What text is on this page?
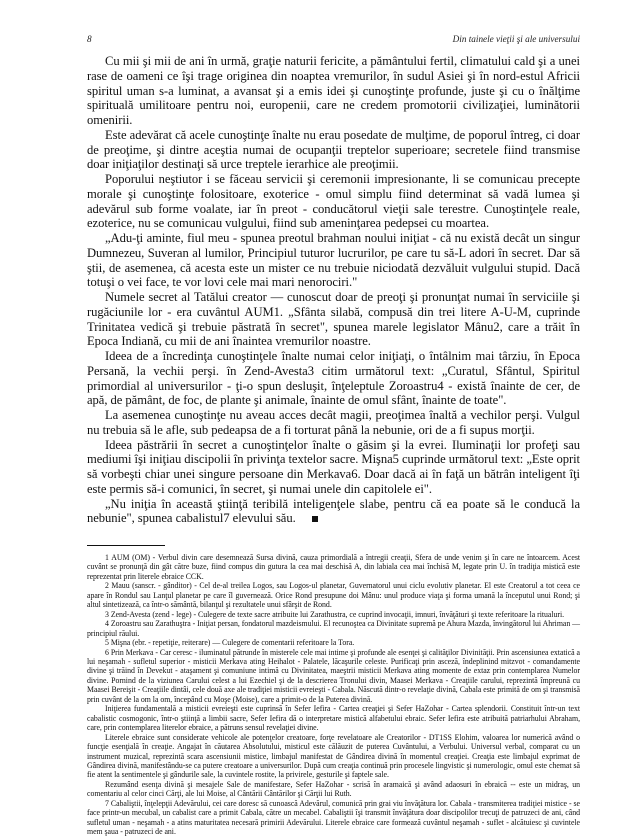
8	Din tainele vieţii şi ale universului

Cu mii şi mii de ani în urmă, graţie naturii fericite, a pământului fertil, climatului cald şi a unei rase de oameni ce îşi trage originea din noaptea vremurilor, în sudul Asiei şi în nord-estul Africii spiritul uman s-a luminat, a avansat şi a emis idei şi cunoştinţe profunde, juste şi cu o înălţime spirituală umilitoare pentru noi, europenii, care ne credem promotorii civilizaţiei, luminătorii omenirii.

Este adevărat că acele cunoştinţe înalte nu erau posedate de mulţime, de poporul întreg, ci doar de preoţime, şi dintre aceştia numai de ocupanţii treptelor superioare; secretele fiind transmise doar iniţiaţilor destinaţi să urce treptele ierarhice ale preoţimii.

Poporului neştiutor i se făceau servicii şi ceremonii impresionante, li se comunicau precepte morale şi cunoştinţe folositoare, exoterice - omul simplu fiind determinat să vadă lumea şi adevărul sub forme voalate, iar în preot - conducătorul vieţii sale terestre. Cunoştinţele reale, ezoterice, nu se comunicau vulgului, fiind sub ameninţarea pedepsei cu moartea.

„Adu-ţi aminte, fiul meu - spunea preotul brahman noului iniţiat - că nu există decât un singur Dumnezeu, Suveran al lumilor, Principiul tuturor lucrurilor, pe care tu să-L adori în secret. Dar să ştii, de asemenea, că acesta este un mister ce nu trebuie niciodată dezvăluit vulgului stupid. Dacă totuşi o vei face, te vor lovi cele mai mari nenorociri."

Numele secret al Tatălui creator — cunoscut doar de preoţi şi pronunţat numai în serviciile şi rugăciunile lor - era cuvântul AUM1. „Sfânta silabă, compusă din trei litere A-U-M, cuprinde Trinitatea vedică şi trebuie păstrată în secret", spunea marele legislator Mânu2, care a trăit în Epoca Indiană, cu mii de ani înaintea vremurilor noastre.

Ideea de a încredinţa cunoştinţele înalte numai celor iniţiaţi, o întâlnim mai târziu, în Epoca Persană, la vechii perşi. în Zend-Avesta3 citim următorul text: „Curatul, Sfântul, Spiritul primordial al universurilor - ţi-o spun desluşit, înţeleptule Zoroastru4 - există înainte de cer, de apă, de pământ, de foc, de plante şi animale, înainte de omul sfânt, înainte de toate".

La asemenea cunoştinţe nu aveau acces decât magii, preoţimea înaltă a vechilor perşi. Vulgul nu trebuia să le afle, sub pedeapsa de a fi torturat până la nebunie, ori de a fi supus morţii.

Ideea păstrării în secret a cunoştinţelor înalte o găsim şi la evrei. Iluminaţii lor profeţi sau mediumi îşi iniţiau discipolii în privinţa textelor sacre. Mişna5 cuprinde următorul text: „Este oprit să vorbeşti chiar unei singure persoane din Merkava6. Doar dacă ai în faţă un bătrân inteligent îţi este permis să-i comunici, în secret, şi numai unele din capitolele ei".

„Nu iniţia în această ştiinţă teribilă inteligenţele slabe, pentru că ea poate să le conducă la nebunie", spunea cabalistul7 elevului său.

1 AUM (OM) - Verbul divin care desemnează Sursa divină, cauza primordială a întregii creaţii, Sfera de unde venim şi în care ne întoarcem. Acest cuvânt se pronunţă din gât către buze, fiind compus din gutura la cea mai deschisă A, din labiala cea mai închisă M, legate prin U. în tradiţia mistică este reprezentat prin literele ebraice CCK.

2 Mauu (sanscr. - gânditor) - Cel de-al treilea Logos, sau Logos-ul planetar, Guvernatorul unui ciclu evolutiv planetar. El este Creatorul a tot ceea ce apare în Rondul sau Lanţul planetar pe care îl guvernează. Orice Rond presupune doi Mânu: unul produce viaţa şi forma umană la începutul unui Rond; şi altul sintetizează, ca într-o sământă, bilanţul şi rezultatele unui sfârşit de Rond.

3 Zend-Avesta (zend - lege) - Culegere de texte sacre atribuite lui Zarathustra, ce cuprind invocaţii, imnuri, învăţături şi texte referitoare la ritualuri.

4 Zoroastru sau Zarathuştra - Iniţiat persan, fondatorul mazdeismului. El recunoştea ca Divinitate supremă pe Ahura Mazda, învingătorul lui Ahriman — principiul răului.

5 Mişna (ebr. - repetiţie, reiterare) — Culegere de comentarii referitoare la Tora.

6 Prin Merkava - Car ceresc - iluminatul pătrunde în misterele cele mai intime şi profunde ale esenţei şi calităţilor Divinităţii. Prin ascensiunea extatică a lui neşamah - sufletul superior - misticii Merkava ating Heihalot - Palatele, lăcaşurile celeste. Purificaţi prin asceză, îndeplinind mitzvot - comandamente divine şi trăind în Devekut - ataşament şi comuniune intimă cu Divinitatea, maeştrii misticii Merkava ating momente de extaz prin contemplarea Numelor divine. Pornind de la viziunea Carului celest a lui Ezechiel şi de la descrierea Tronului divin, Maasei Merkava - Creaţiile carului, reprezintă împreună cu Maasei Bereişit - Creaţiile dintâi, cele două axe ale tradiţiei misticii evreieşti - Cabala. Născută dintr-o revelaţie divină, Cabala este primită de om şi transmisă prin cuvânt de la om la om, începând cu Moşe (Moise), care a primit-o de la Puterea divină.

Iniţierea fundamentală a misticii evreieşti este cuprinsă în Sefer Iefira - Cartea creaţiei şi Sefer HaZohar - Cartea splendorii. Constituit într-un text cabalistic cosmogonic, într-o ştiinţă a limbii sacre, Sefer Iefira dă o interpretare mistică alfabetului ebraic. Sefer Iefira este atribuită patriarhului Abraham, care, prin contemplarea literelor ebraice, a pătruns sensul revelaţiei divine.

Literele ebraice sunt considerate vehicole ale potenţelor creatoare, forţe revelatoare ale Creatorilor - DT1SS Elohim, valoarea lor numerică având o funcţie esenţială în creaţie. Angajat în căutarea Absolutului, misticul este călăuzit de puterea Cuvântului, a Verbului. Universul verbal, comparat cu un instrument muzical, reprezintă scara ascensiunii mistice, limbajul manifestat de Gândirea divină în momentul creaţiei. Creaţia este limbajul exprimat de Gândirea divină, manifestându-se ca putere creatoare a universurilor. După cum creaţia continuă prin procesele lingvistic şi numerologic, omul este chemat să fie atent la sentimentele şi gândurile sale, la cuvintele rostite, la privirele, gesturile şi faptele sale.

Rezumând esenţa divină şi mesajele Sale de manifestare, Sefer HaZohar - scrisă în aramaică şi având adaosuri în ebraică -- este un midraş, un comentariu al celor cinci Cărţi, ale lui Moise, al Cântării Cântărilor şi Cărţii lui Ruth.

7 Cabaliştii, înţelepţii Adevărului, cei care doresc să cunoască Adevărul, comunică prin grai viu învăţătura lor. Cabala - transmiterea tradiţiei mistice - se face printr-un mecubal, un cabalist care a primit Cabala, către un mecabel. Cabaliştii îşi transmit învăţătura doar discipolilor trecuţi de patruzeci de ani, când sufletul uman - neşamah - a atins maturitatea necesară primirii Adevărului. Literele ebraice care formează cuvântul neşamah - suflet - alcătuiesc şi cuvintele mem şaua - patruzeci de ani.
